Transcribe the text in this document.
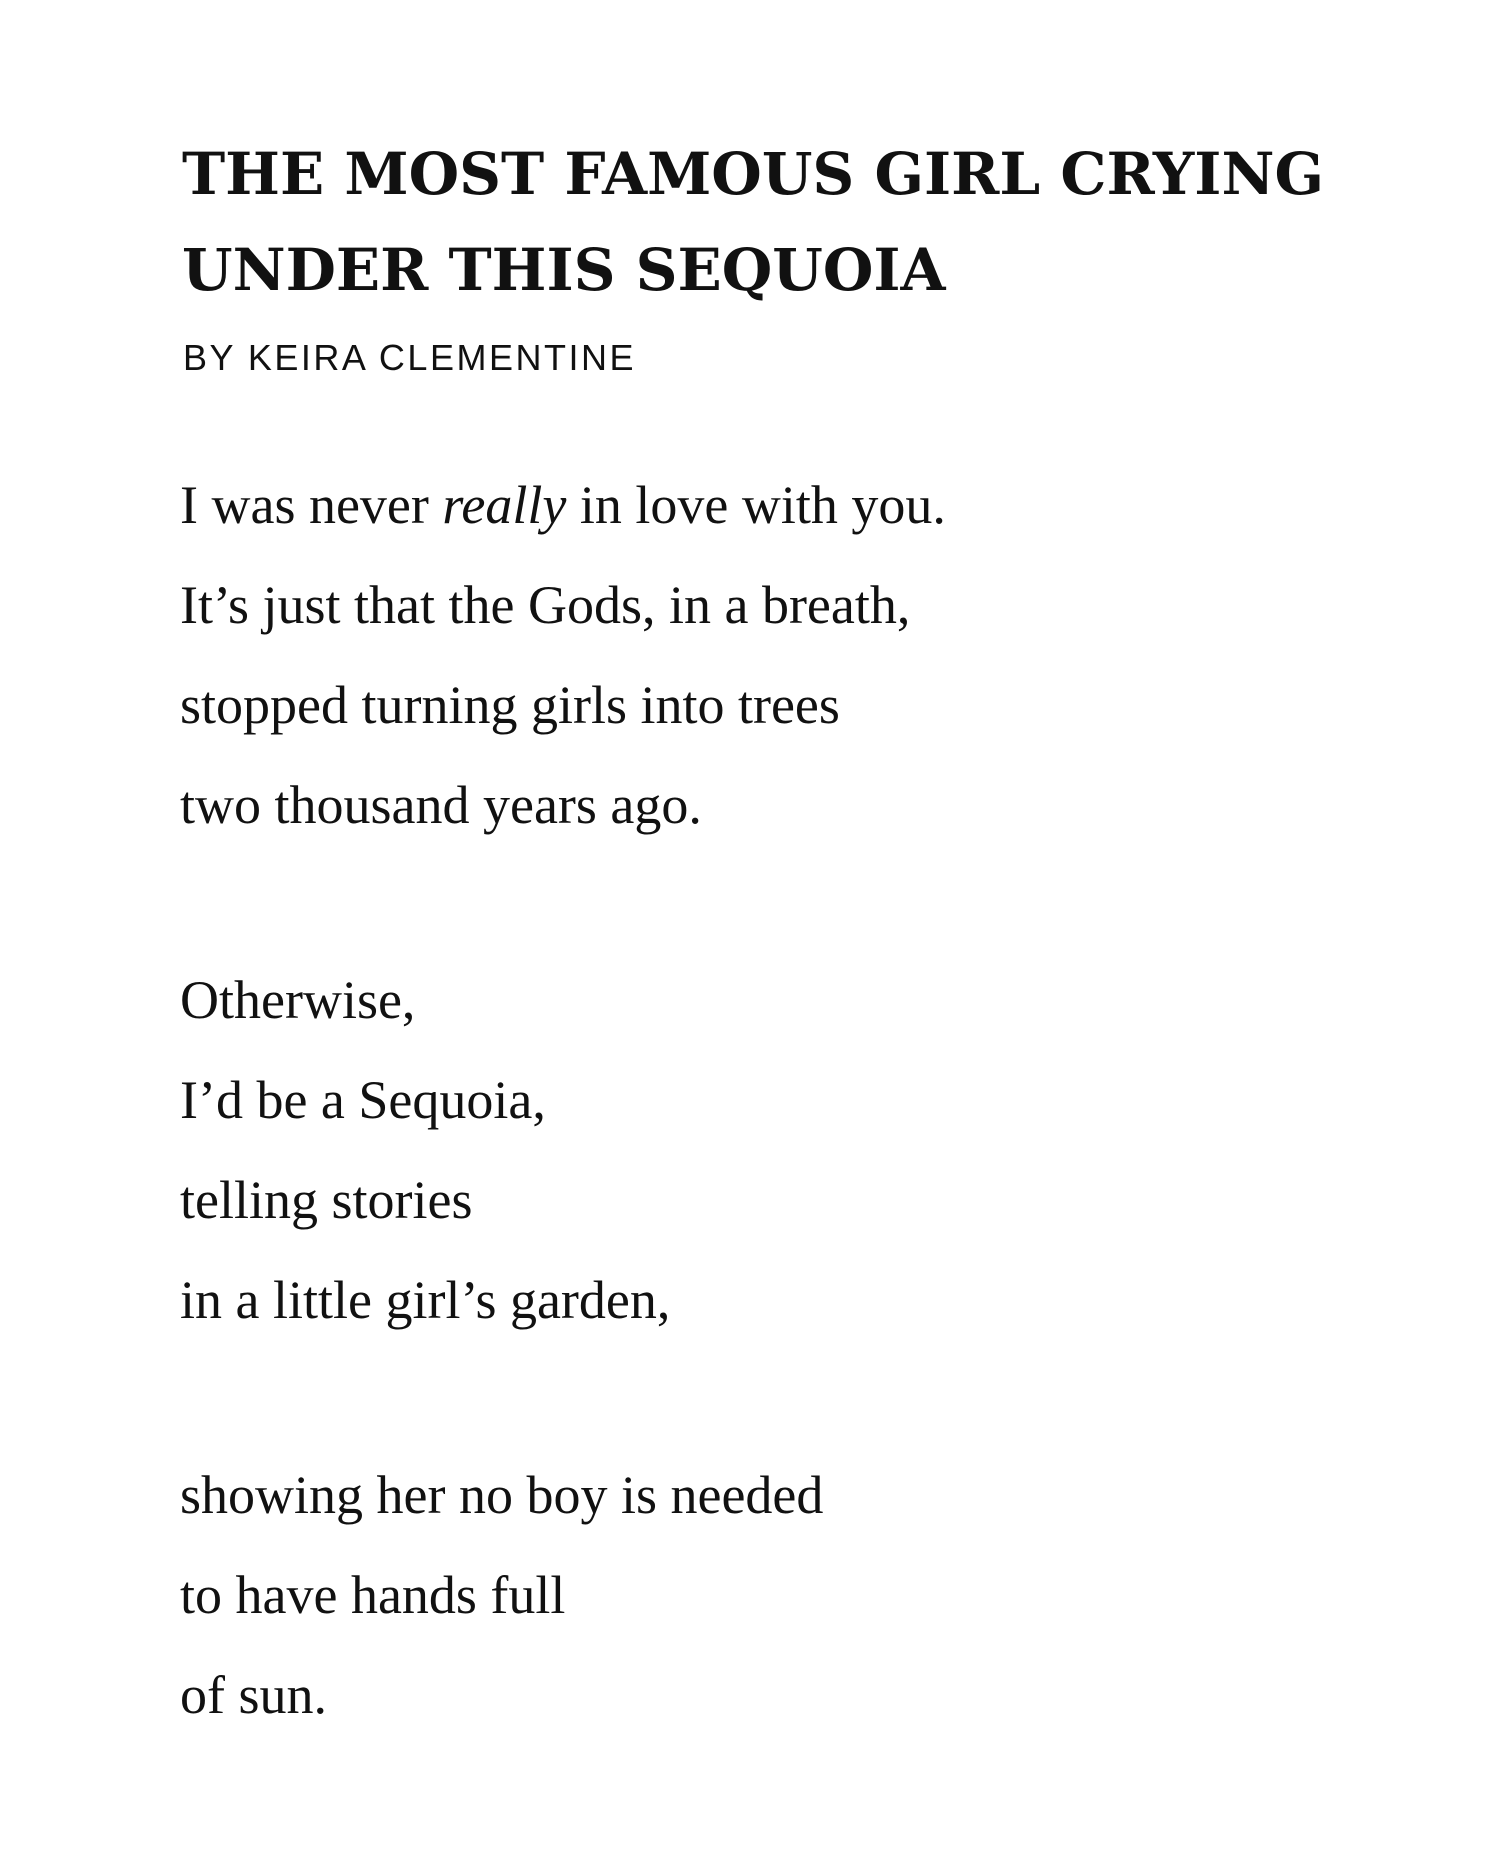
THE MOST FAMOUS GIRL CRYING
UNDER THIS SEQUOIA

BY KEIRA CLEMENTINE

I was never really in love with you.
It’s just that the Gods, in a breath,
stopped turning girls into trees
two thousand years ago.
Otherwise,
I’d be a Sequoia,
telling stories
in a little girl’s garden,
showing her no boy is needed
to have hands full
of sun.
